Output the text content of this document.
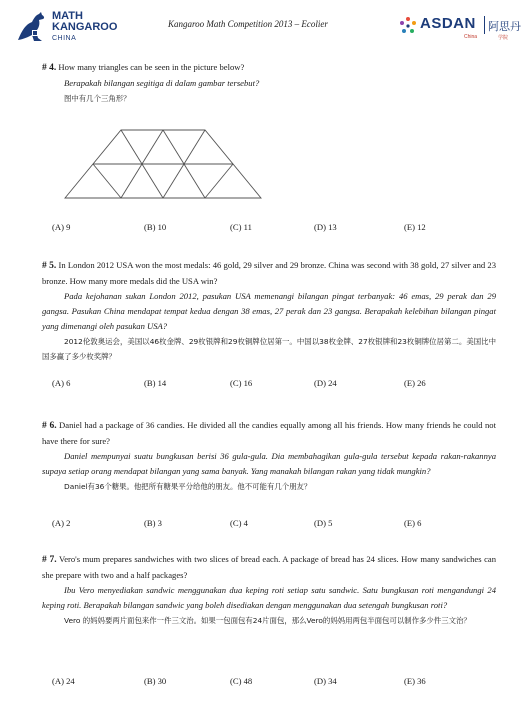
MATH
KANGAROO
CHINA
Kangaroo Math Competition 2013 – Ecolier	ASDAN
China
阿思丹
学院

# 4. How many triangles can be seen in the picture below?

Berapakah bilangan segitiga di dalam gambar tersebut?

图中有几个三角形？

(A) 9	(B) 10	(C) 11	(D) 13	(E) 12

# 5. In London 2012 USA won the most medals: 46 gold, 29 silver and 29 bronze. China was second with 38 gold, 27 silver and 23 bronze. How many more medals did the USA win?

Pada kejohanan sukan London 2012, pasukan USA memenangi bilangan pingat terbanyak: 46 emas, 29 perak dan 29 gangsa. Pasukan China mendapat tempat kedua dengan 38 emas, 27 perak dan 23 gangsa. Berapakah kelebihan bilangan pingat yang dimenangi oleh pasukan USA?

2012伦敦奥运会，美国以46枚金牌、29枚银牌和29枚铜牌位居第一。中国以38枚金牌、27枚银牌和23枚铜牌位居第二。美国比中国多赢了多少枚奖牌？

(A) 6	(B) 14	(C) 16	(D) 24	(E) 26

# 6. Daniel had a package of 36 candies. He divided all the candies equally among all his friends. How many friends he could not have there for sure?

Daniel mempunyai suatu bungkusan berisi 36 gula-gula. Dia membahagikan gula-gula tersebut kepada rakan-rakannya supaya setiap orang mendapat bilangan yang sama banyak. Yang manakah bilangan rakan yang tidak mungkin?

Daniel有36个糖果。他把所有糖果平分给他的朋友。他不可能有几个朋友？

(A) 2	(B) 3	(C) 4	(D) 5	(E) 6

# 7. Vero's mum prepares sandwiches with two slices of bread each. A package of bread has 24 slices. How many sandwiches can she prepare with two and a half packages?

Ibu Vero menyediakan sandwic menggunakan dua keping roti setiap satu sandwic. Satu bungkusan roti mengandungi 24 keping roti. Berapakah bilangan sandwic yang boleh disediakan dengan menggunakan dua setengah bungkusan roti?

Vero 的妈妈要两片面包来作一件三文治。如果一包面包有24片面包，那么Vero的妈妈用两包半面包可以制作多少件三文治？

(A) 24	(B) 30	(C) 48	(D) 34	(E) 36
